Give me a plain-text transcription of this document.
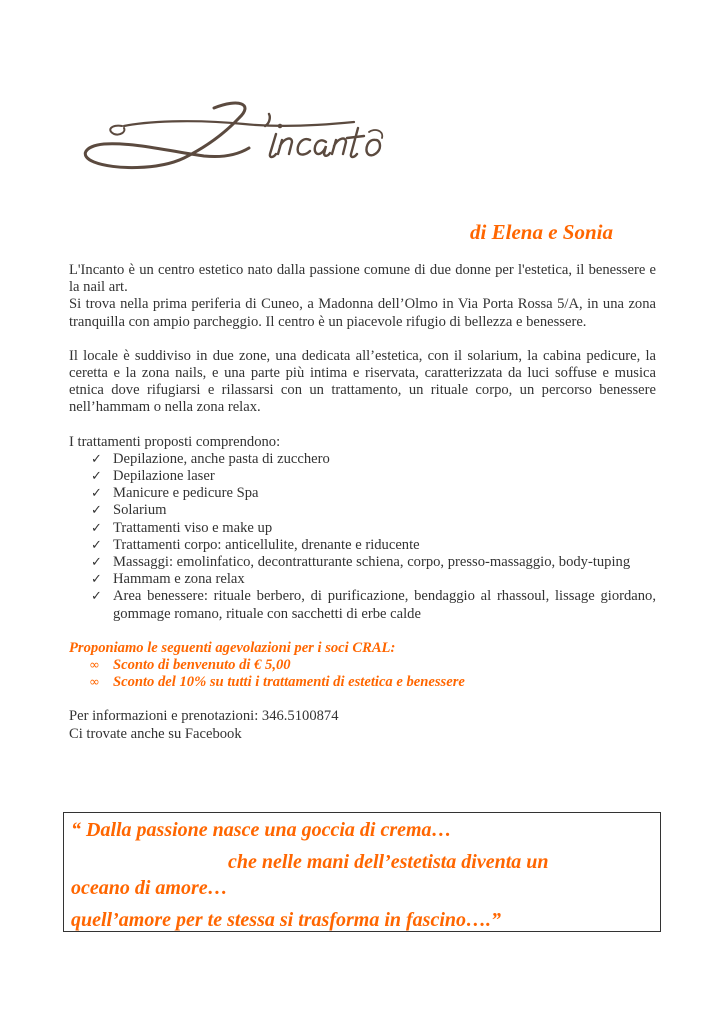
di Elena e Sonia

L'Incanto è un centro estetico nato dalla passione comune di due donne per l'estetica, il benessere e la nail art.

Si trova nella prima periferia di Cuneo, a Madonna dell’Olmo in Via Porta Rossa 5/A, in una zona tranquilla con ampio parcheggio. Il centro è un piacevole rifugio di bellezza e benessere.

Il locale è suddiviso in due zone, una dedicata all’estetica, con il solarium, la cabina pedicure, la ceretta e la zona nails, e una parte più intima e riservata, caratterizzata da luci soffuse e musica etnica dove rifugiarsi e rilassarsi con un trattamento, un rituale corpo, un percorso benessere nell’hammam o nella zona relax.

I trattamenti proposti comprendono:

✓ Depilazione, anche pasta di zucchero
✓ Depilazione laser
✓ Manicure e pedicure Spa
✓ Solarium
✓ Trattamenti viso e make up
✓ Trattamenti corpo: anticellulite, drenante e riducente
✓ Massaggi: emolinfatico, decontratturante schiena, corpo, presso-massaggio, body-tuping
✓ Hammam e zona relax
✓ Area benessere: rituale berbero, di purificazione, bendaggio al rhassoul, lissage giordano, gommage romano, rituale con sacchetti di erbe calde

Proponiamo le seguenti agevolazioni per i soci CRAL:

∞ Sconto di benvenuto di € 5,00
∞ Sconto del 10% su tutti i trattamenti di estetica e benessere

Per informazioni e prenotazioni: 346.5100874

Ci trovate anche su Facebook

“ Dalla passione nasce una goccia di crema…
che nelle mani dell’estetista diventa un
oceano di amore…
quell’amore per te stessa si trasforma in fascino….”
